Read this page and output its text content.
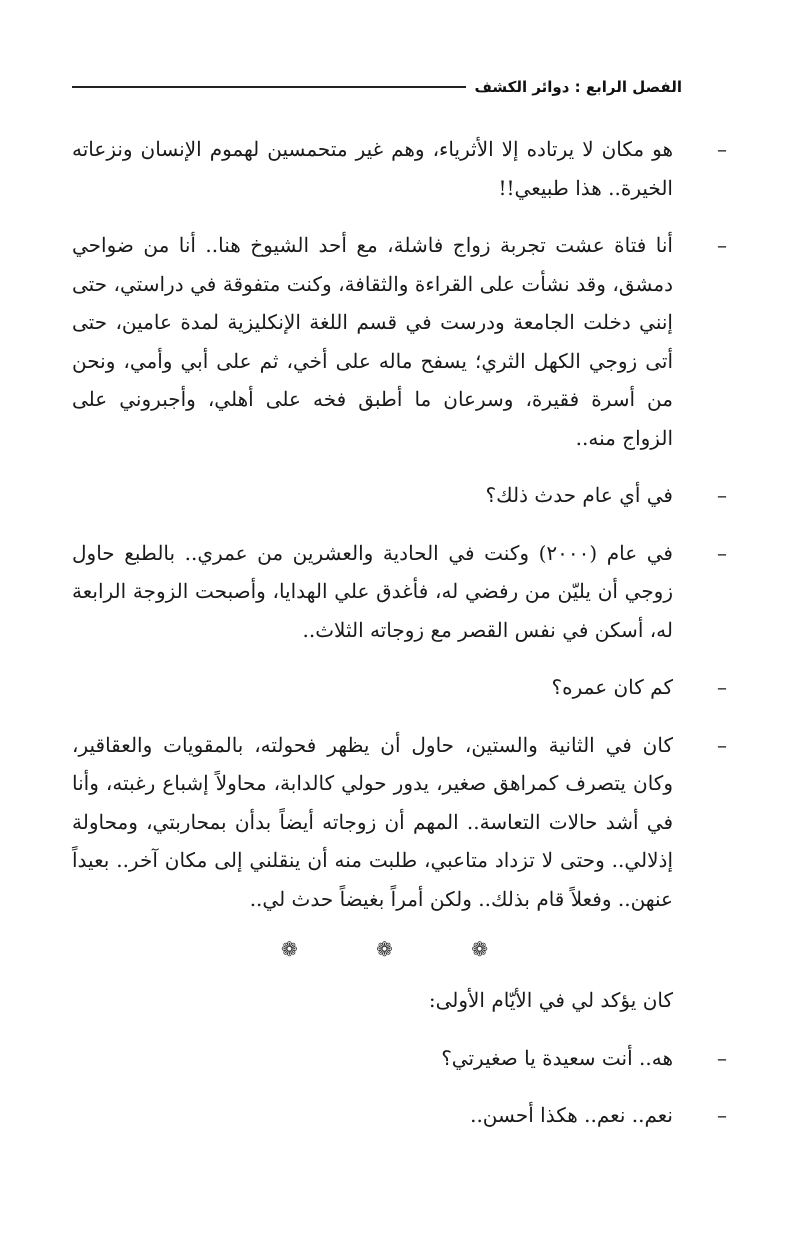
الفصل الرابع : دوائر الكشف

–
هو مكان لا يرتاده إلا الأثرياء، وهم غير متحمسين لهموم الإنسان ونزعاته الخيرة.. هذا طبيعي!!

–
أنا فتاة عشت تجربة زواج فاشلة، مع أحد الشيوخ هنا.. أنا من ضواحي دمشق، وقد نشأت على القراءة والثقافة، وكنت متفوقة في دراستي، حتى إنني دخلت الجامعة ودرست في قسم اللغة الإنكليزية لمدة عامين، حتى أتى زوجي الكهل الثري؛ يسفح ماله على أخي، ثم على أبي وأمي، ونحن من أسرة فقيرة، وسرعان ما أطبق فخه على أهلي، وأجبروني على الزواج منه..

–
في أي عام حدث ذلك؟

–
في عام (٢٠٠٠) وكنت في الحادية والعشرين من عمري.. بالطبع حاول زوجي أن يليّن من رفضي له، فأغدق علي الهدايا، وأصبحت الزوجة الرابعة له، أسكن في نفس القصر مع زوجاته الثلاث..

–
كم كان عمره؟

–
كان في الثانية والستين، حاول أن يظهر فحولته، بالمقويات والعقاقير، وكان يتصرف كمراهق صغير، يدور حولي كالدابة، محاولاً إشباع رغبته، وأنا في أشد حالات التعاسة.. المهم أن زوجاته أيضاً بدأن بمحاربتي، ومحاولة إذلالي.. وحتى لا تزداد متاعبي، طلبت منه أن ينقلني إلى مكان آخر.. بعيداً عنهن.. وفعلاً قام بذلك.. ولكن أمراً بغيضاً حدث لي..

❁ ❁ ❁

كان يؤكد لي في الأيّام الأولى:

–
هه.. أنت سعيدة يا صغيرتي؟

–
نعم.. نعم.. هكذا أحسن..
